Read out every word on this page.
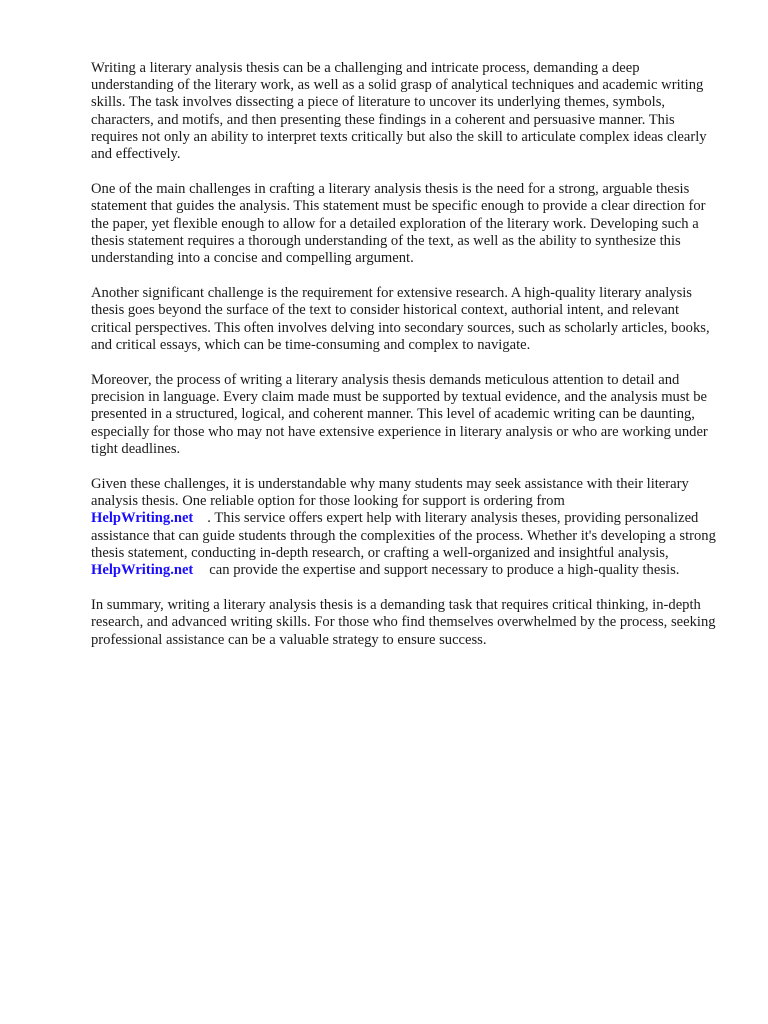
Writing a literary analysis thesis can be a challenging and intricate process, demanding a deep understanding of the literary work, as well as a solid grasp of analytical techniques and academic writing skills. The task involves dissecting a piece of literature to uncover its underlying themes, symbols, characters, and motifs, and then presenting these findings in a coherent and persuasive manner. This requires not only an ability to interpret texts critically but also the skill to articulate complex ideas clearly and effectively.

One of the main challenges in crafting a literary analysis thesis is the need for a strong, arguable thesis statement that guides the analysis. This statement must be specific enough to provide a clear direction for the paper, yet flexible enough to allow for a detailed exploration of the literary work. Developing such a thesis statement requires a thorough understanding of the text, as well as the ability to synthesize this understanding into a concise and compelling argument.

Another significant challenge is the requirement for extensive research. A high-quality literary analysis thesis goes beyond the surface of the text to consider historical context, authorial intent, and relevant critical perspectives. This often involves delving into secondary sources, such as scholarly articles, books, and critical essays, which can be time-consuming and complex to navigate.

Moreover, the process of writing a literary analysis thesis demands meticulous attention to detail and precision in language. Every claim made must be supported by textual evidence, and the analysis must be presented in a structured, logical, and coherent manner. This level of academic writing can be daunting, especially for those who may not have extensive experience in literary analysis or who are working under tight deadlines.

Given these challenges, it is understandable why many students may seek assistance with their literary analysis thesis. One reliable option for those looking for support is ordering from
HelpWriting.net . This service offers expert help with literary analysis theses, providing personalized assistance that can guide students through the complexities of the process. Whether it's developing a strong thesis statement, conducting in-depth research, or crafting a well-organized and insightful analysis,HelpWriting.net can provide the expertise and support necessary to produce a high-quality thesis.

In summary, writing a literary analysis thesis is a demanding task that requires critical thinking, in-depth research, and advanced writing skills. For those who find themselves overwhelmed by the process, seeking professional assistance can be a valuable strategy to ensure success.
